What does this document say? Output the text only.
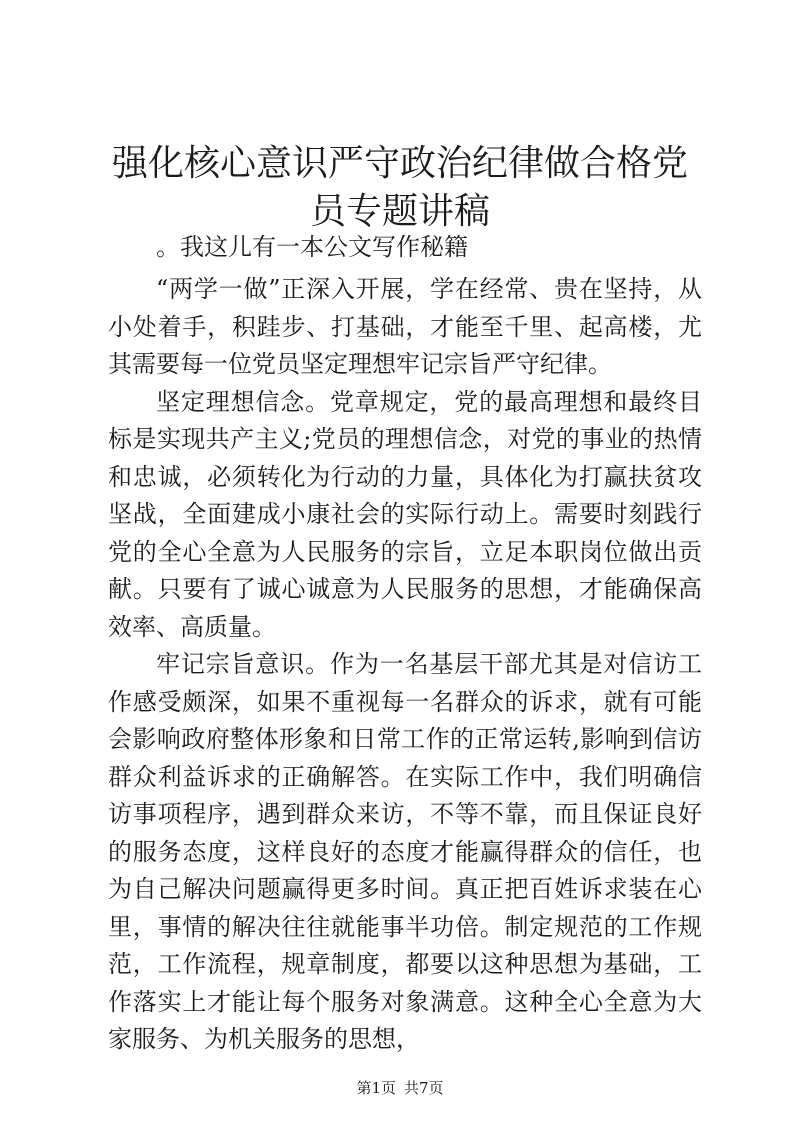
强化核心意识严守政治纪律做合格党员专题讲稿

。我这儿有一本公文写作秘籍

“两学一做”正深入开展，学在经常、贵在坚持，从小处着手，积跬步、打基础，才能至千里、起高楼，尤其需要每一位党员坚定理想牢记宗旨严守纪律。

坚定理想信念。党章规定，党的最高理想和最终目标是实现共产主义;党员的理想信念，对党的事业的热情和忠诚，必须转化为行动的力量，具体化为打赢扶贫攻坚战，全面建成小康社会的实际行动上。需要时刻践行党的全心全意为人民服务的宗旨，立足本职岗位做出贡献。只要有了诚心诚意为人民服务的思想，才能确保高效率、高质量。

牢记宗旨意识。作为一名基层干部尤其是对信访工作感受颇深，如果不重视每一名群众的诉求，就有可能会影响政府整体形象和日常工作的正常运转,影响到信访群众利益诉求的正确解答。在实际工作中，我们明确信访事项程序，遇到群众来访，不等不靠，而且保证良好的服务态度，这样良好的态度才能赢得群众的信任，也为自己解决问题赢得更多时间。真正把百姓诉求装在心里，事情的解决往往就能事半功倍。制定规范的工作规范，工作流程，规章制度，都要以这种思想为基础，工作落实上才能让每个服务对象满意。这种全心全意为大家服务、为机关服务的思想，

第1页 共7页
